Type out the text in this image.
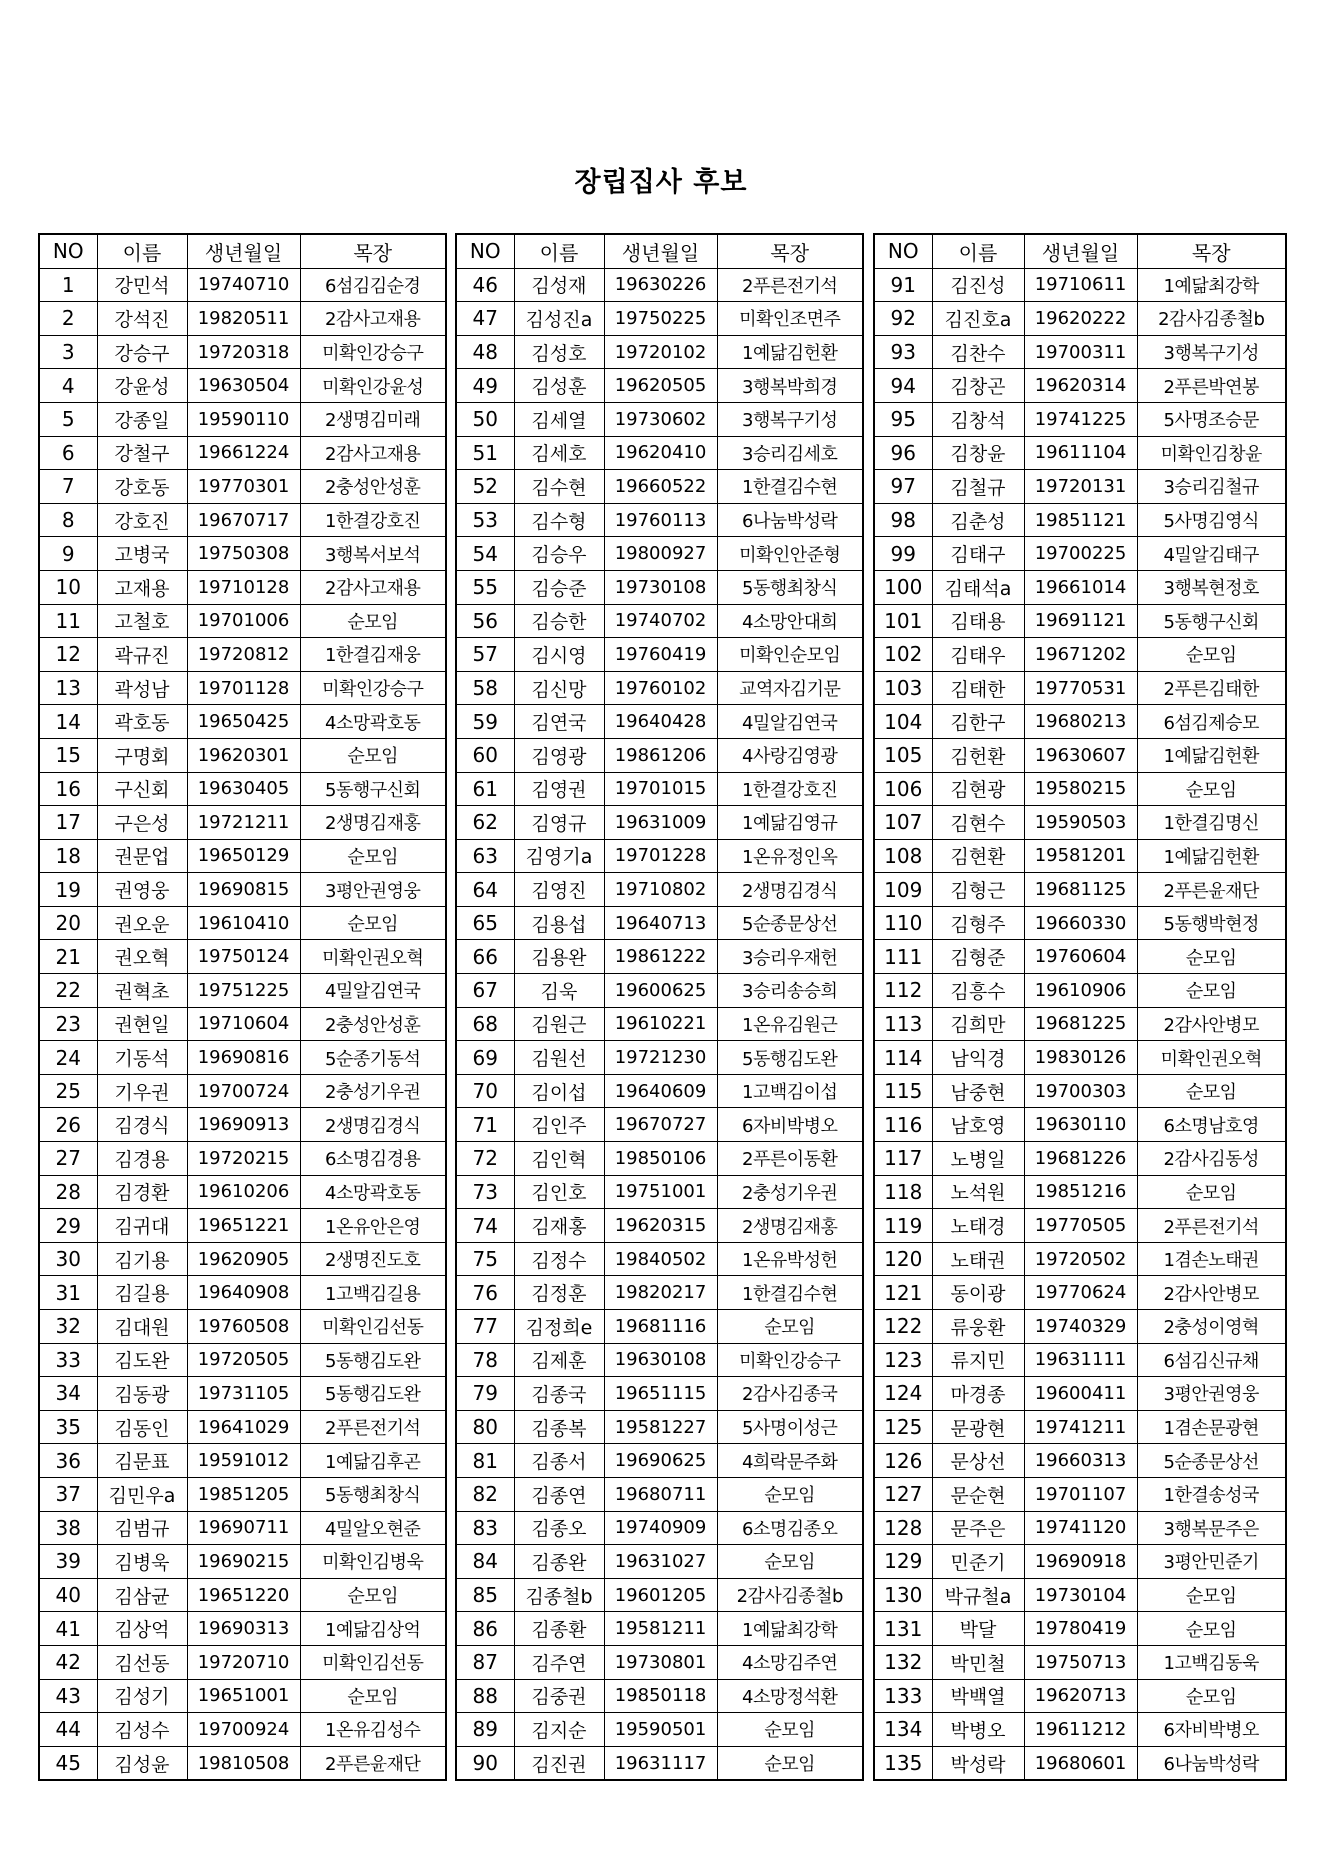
장립집사 후보
NO	이름	생년월일	목장
1	강민석	19740710	6섬김김순경
2	강석진	19820511	2감사고재용
3	강승구	19720318	미확인강승구
4	강윤성	19630504	미확인강윤성
5	강종일	19590110	2생명김미래
6	강철구	19661224	2감사고재용
7	강호동	19770301	2충성안성훈
8	강호진	19670717	1한결강호진
9	고병국	19750308	3행복서보석
10	고재용	19710128	2감사고재용
11	고철호	19701006	순모임
12	곽규진	19720812	1한결김재웅
13	곽성남	19701128	미확인강승구
14	곽호동	19650425	4소망곽호동
15	구명회	19620301	순모임
16	구신회	19630405	5동행구신회
17	구은성	19721211	2생명김재홍
18	권문업	19650129	순모임
19	권영웅	19690815	3평안권영웅
20	권오운	19610410	순모임
21	권오혁	19750124	미확인권오혁
22	권혁초	19751225	4밀알김연국
23	권현일	19710604	2충성안성훈
24	기동석	19690816	5순종기동석
25	기우권	19700724	2충성기우권
26	김경식	19690913	2생명김경식
27	김경용	19720215	6소명김경용
28	김경환	19610206	4소망곽호동
29	김귀대	19651221	1온유안은영
30	김기용	19620905	2생명진도호
31	김길용	19640908	1고백김길용
32	김대원	19760508	미확인김선동
33	김도완	19720505	5동행김도완
34	김동광	19731105	5동행김도완
35	김동인	19641029	2푸른전기석
36	김문표	19591012	1예닮김후곤
37	김민우a	19851205	5동행최창식
38	김범규	19690711	4밀알오현준
39	김병욱	19690215	미확인김병욱
40	김삼균	19651220	순모임
41	김상억	19690313	1예닮김상억
42	김선동	19720710	미확인김선동
43	김성기	19651001	순모임
44	김성수	19700924	1온유김성수
45	김성윤	19810508	2푸른윤재단
NO	이름	생년월일	목장
46	김성재	19630226	2푸른전기석
47	김성진a	19750225	미확인조면주
48	김성호	19720102	1예닮김헌환
49	김성훈	19620505	3행복박희경
50	김세열	19730602	3행복구기성
51	김세호	19620410	3승리김세호
52	김수현	19660522	1한결김수현
53	김수형	19760113	6나눔박성락
54	김승우	19800927	미확인안준형
55	김승준	19730108	5동행최창식
56	김승한	19740702	4소망안대희
57	김시영	19760419	미확인순모임
58	김신망	19760102	교역자김기문
59	김연국	19640428	4밀알김연국
60	김영광	19861206	4사랑김영광
61	김영권	19701015	1한결강호진
62	김영규	19631009	1예닮김영규
63	김영기a	19701228	1온유정인옥
64	김영진	19710802	2생명김경식
65	김용섭	19640713	5순종문상선
66	김용완	19861222	3승리우재헌
67	김욱	19600625	3승리송승희
68	김원근	19610221	1온유김원근
69	김원선	19721230	5동행김도완
70	김이섭	19640609	1고백김이섭
71	김인주	19670727	6자비박병오
72	김인혁	19850106	2푸른이동환
73	김인호	19751001	2충성기우권
74	김재홍	19620315	2생명김재홍
75	김정수	19840502	1온유박성헌
76	김정훈	19820217	1한결김수현
77	김정희e	19681116	순모임
78	김제훈	19630108	미확인강승구
79	김종국	19651115	2감사김종국
80	김종복	19581227	5사명이성근
81	김종서	19690625	4희락문주화
82	김종연	19680711	순모임
83	김종오	19740909	6소명김종오
84	김종완	19631027	순모임
85	김종철b	19601205	2감사김종철b
86	김종환	19581211	1예닮최강학
87	김주연	19730801	4소망김주연
88	김중권	19850118	4소망정석환
89	김지순	19590501	순모임
90	김진권	19631117	순모임
NO	이름	생년월일	목장
91	김진성	19710611	1예닮최강학
92	김진호a	19620222	2감사김종철b
93	김찬수	19700311	3행복구기성
94	김창곤	19620314	2푸른박연봉
95	김창석	19741225	5사명조승문
96	김창윤	19611104	미확인김창윤
97	김철규	19720131	3승리김철규
98	김춘성	19851121	5사명김영식
99	김태구	19700225	4밀알김태구
100	김태석a	19661014	3행복현정호
101	김태용	19691121	5동행구신회
102	김태우	19671202	순모임
103	김태한	19770531	2푸른김태한
104	김한구	19680213	6섬김제승모
105	김헌환	19630607	1예닮김헌환
106	김현광	19580215	순모임
107	김현수	19590503	1한결김명신
108	김현환	19581201	1예닮김헌환
109	김형근	19681125	2푸른윤재단
110	김형주	19660330	5동행박현정
111	김형준	19760604	순모임
112	김흥수	19610906	순모임
113	김희만	19681225	2감사안병모
114	남익경	19830126	미확인권오혁
115	남중현	19700303	순모임
116	남호영	19630110	6소명남호영
117	노병일	19681226	2감사김동성
118	노석원	19851216	순모임
119	노태경	19770505	2푸른전기석
120	노태권	19720502	1겸손노태권
121	동이광	19770624	2감사안병모
122	류웅환	19740329	2충성이영혁
123	류지민	19631111	6섬김신규채
124	마경종	19600411	3평안권영웅
125	문광현	19741211	1겸손문광현
126	문상선	19660313	5순종문상선
127	문순현	19701107	1한결송성국
128	문주은	19741120	3행복문주은
129	민준기	19690918	3평안민준기
130	박규철a	19730104	순모임
131	박달	19780419	순모임
132	박민철	19750713	1고백김동욱
133	박백열	19620713	순모임
134	박병오	19611212	6자비박병오
135	박성락	19680601	6나눔박성락
